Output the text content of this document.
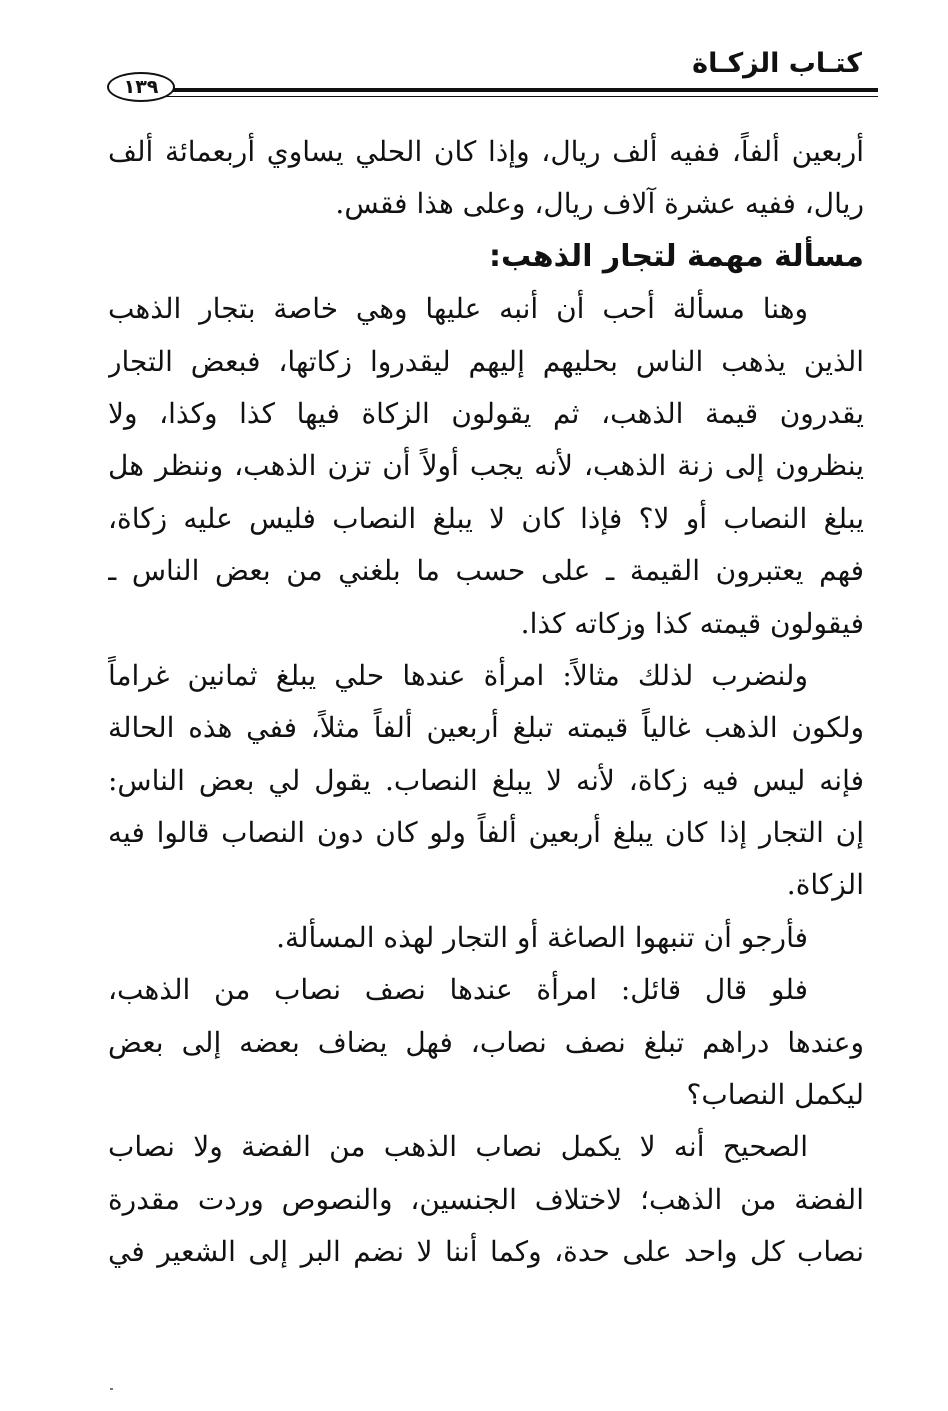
كتـاب الزكـاة
١٣٩
أربعين ألفاً، ففيه ألف ريال، وإذا كان الحلي يساوي أربعمائة ألف
ريال، ففيه عشرة آلاف ريال، وعلى هذا فقس.
مسألة مهمة لتجار الذهب:
وهنا مسألة أحب أن أنبه عليها وهي خاصة بتجار الذهب
الذين يذهب الناس بحليهم إليهم ليقدروا زكاتها، فبعض التجار
يقدرون قيمة الذهب، ثم يقولون الزكاة فيها كذا وكذا، ولا
ينظرون إلى زنة الذهب، لأنه يجب أولاً أن تزن الذهب، وننظر هل
يبلغ النصاب أو لا؟ فإذا كان لا يبلغ النصاب فليس عليه زكاة،
فهم يعتبرون القيمة ـ على حسب ما بلغني من بعض الناس ـ
فيقولون قيمته كذا وزكاته كذا.
ولنضرب لذلك مثالاً: امرأة عندها حلي يبلغ ثمانين غراماً
ولكون الذهب غالياً قيمته تبلغ أربعين ألفاً مثلاً، ففي هذه الحالة
فإنه ليس فيه زكاة، لأنه لا يبلغ النصاب. يقول لي بعض الناس:
إن التجار إذا كان يبلغ أربعين ألفاً ولو كان دون النصاب قالوا فيه
الزكاة.
فأرجو أن تنبهوا الصاغة أو التجار لهذه المسألة.
فلو قال قائل: امرأة عندها نصف نصاب من الذهب،
وعندها دراهم تبلغ نصف نصاب، فهل يضاف بعضه إلى بعض
ليكمل النصاب؟
الصحيح أنه لا يكمل نصاب الذهب من الفضة ولا نصاب
الفضة من الذهب؛ لاختلاف الجنسين، والنصوص وردت مقدرة
نصاب كل واحد على حدة، وكما أننا لا نضم البر إلى الشعير في
